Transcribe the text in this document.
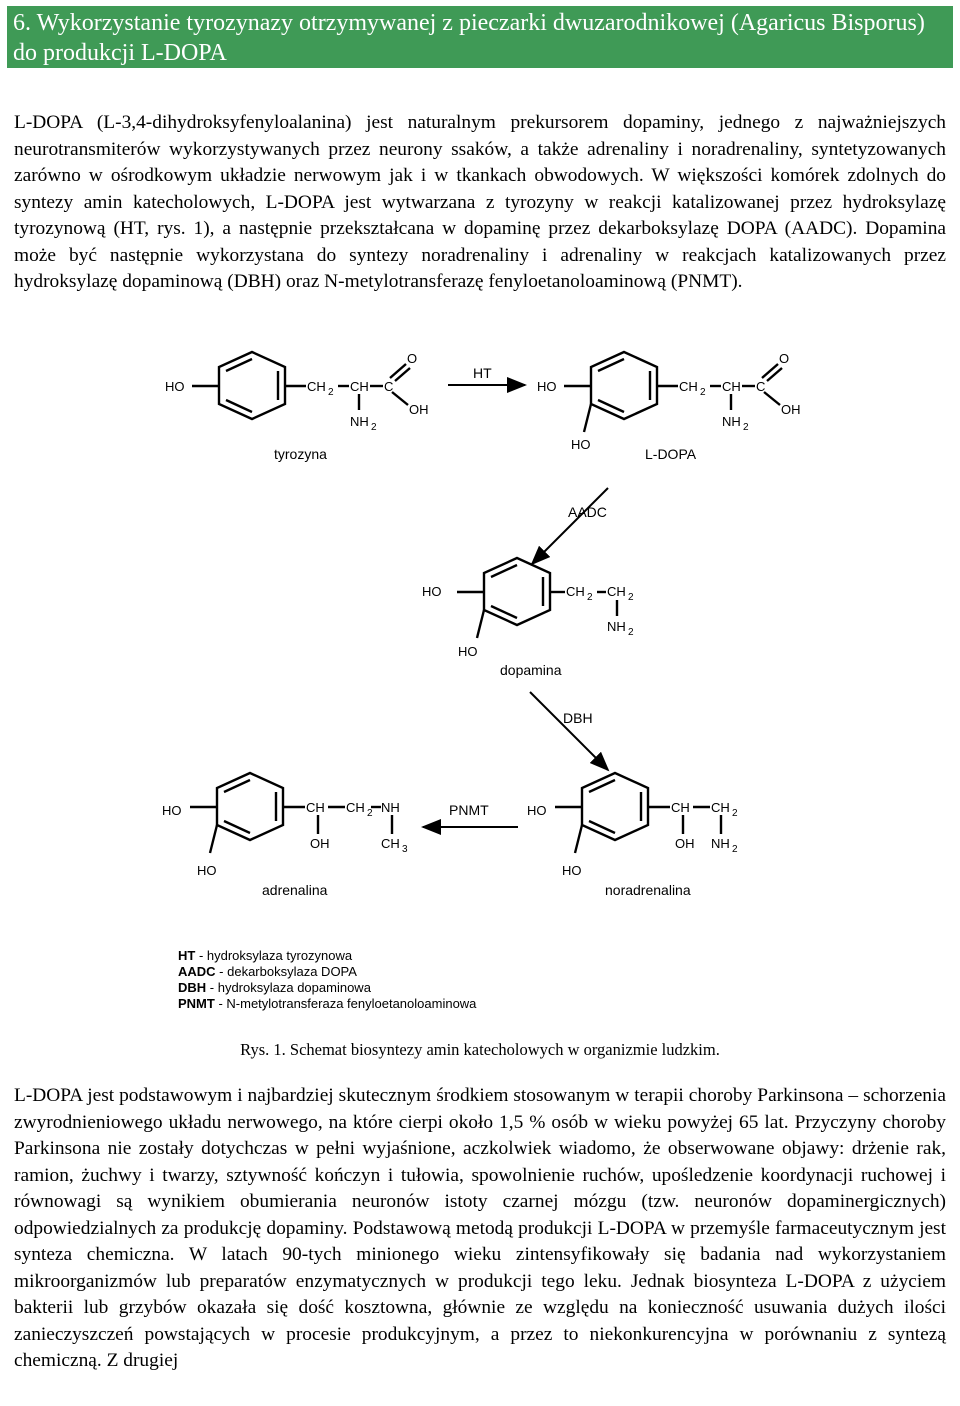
6. Wykorzystanie tyrozynazy otrzymywanej z pieczarki dwuzarodnikowej (Agaricus Bisporus) do produkcji L-DOPA

L-DOPA (L-3,4-dihydroksyfenyloalanina) jest naturalnym prekursorem dopaminy, jednego z najważniejszych neurotransmiterów wykorzystywanych przez neurony ssaków, a także adrenaliny i noradrenaliny, syntetyzowanych zarówno w ośrodkowym układzie nerwowym jak i w tkankach obwodowych. W większości komórek zdolnych do syntezy amin katecholowych, L-DOPA jest wytwarzana z tyrozyny w reakcji katalizowanej przez hydroksylazę tyrozynową (HT, rys. 1), a następnie przekształcana w dopaminę przez dekarboksylazę DOPA (AADC). Dopamina może być następnie wykorzystana do syntezy noradrenaliny i adrenaliny w reakcjach katalizowanych przez hydroksylazę dopaminową (DBH) oraz N-metylotransferazę fenyloetanoloaminową (PNMT).

HO	CH 2 CH C
O
OH
NH 2
tyrozyna
HT
HO	CH 2 CH C
O
OH
NH 2
HO
L-DOPA
AADC
HO	CH 2 CH 2
NH 2
HO
dopamina
DBH
HO	CH CH 2 NH
OH	CH 3
HO
adrenalina
PNMT	HO	CH CH 2
OH NH 2
HO
noradrenalina
HT - hydroksylaza tyrozynowa
AADC - dekarboksylaza DOPA
DBH - hydroksylaza dopaminowa
PNMT - N-metylotransferaza fenyloetanoloaminowa
Rys. 1. Schemat biosyntezy amin katecholowych w organizmie ludzkim.

L-DOPA jest podstawowym i najbardziej skutecznym środkiem stosowanym w terapii choroby Parkinsona – schorzenia zwyrodnieniowego układu nerwowego, na które cierpi około 1,5 % osób w wieku powyżej 65 lat. Przyczyny choroby Parkinsona nie zostały dotychczas w pełni wyjaśnione, aczkolwiek wiadomo, że obserwowane objawy: drżenie rak, ramion, żuchwy i twarzy, sztywność kończyn i tułowia, spowolnienie ruchów, upośledzenie koordynacji ruchowej i równowagi są wynikiem obumierania neuronów istoty czarnej mózgu (tzw. neuronów dopaminergicznych) odpowiedzialnych za produkcję dopaminy. Podstawową metodą produkcji L-DOPA w przemyśle farmaceutycznym jest synteza chemiczna. W latach 90-tych minionego wieku zintensyfikowały się badania nad wykorzystaniem mikroorganizmów lub preparatów enzymatycznych w produkcji tego leku. Jednak biosynteza L-DOPA z użyciem bakterii lub grzybów okazała się dość kosztowna, głównie ze względu na konieczność usuwania dużych ilości zanieczyszczeń powstających w procesie produkcyjnym, a przez to niekonkurencyjna w porównaniu z syntezą chemiczną. Z drugiej
